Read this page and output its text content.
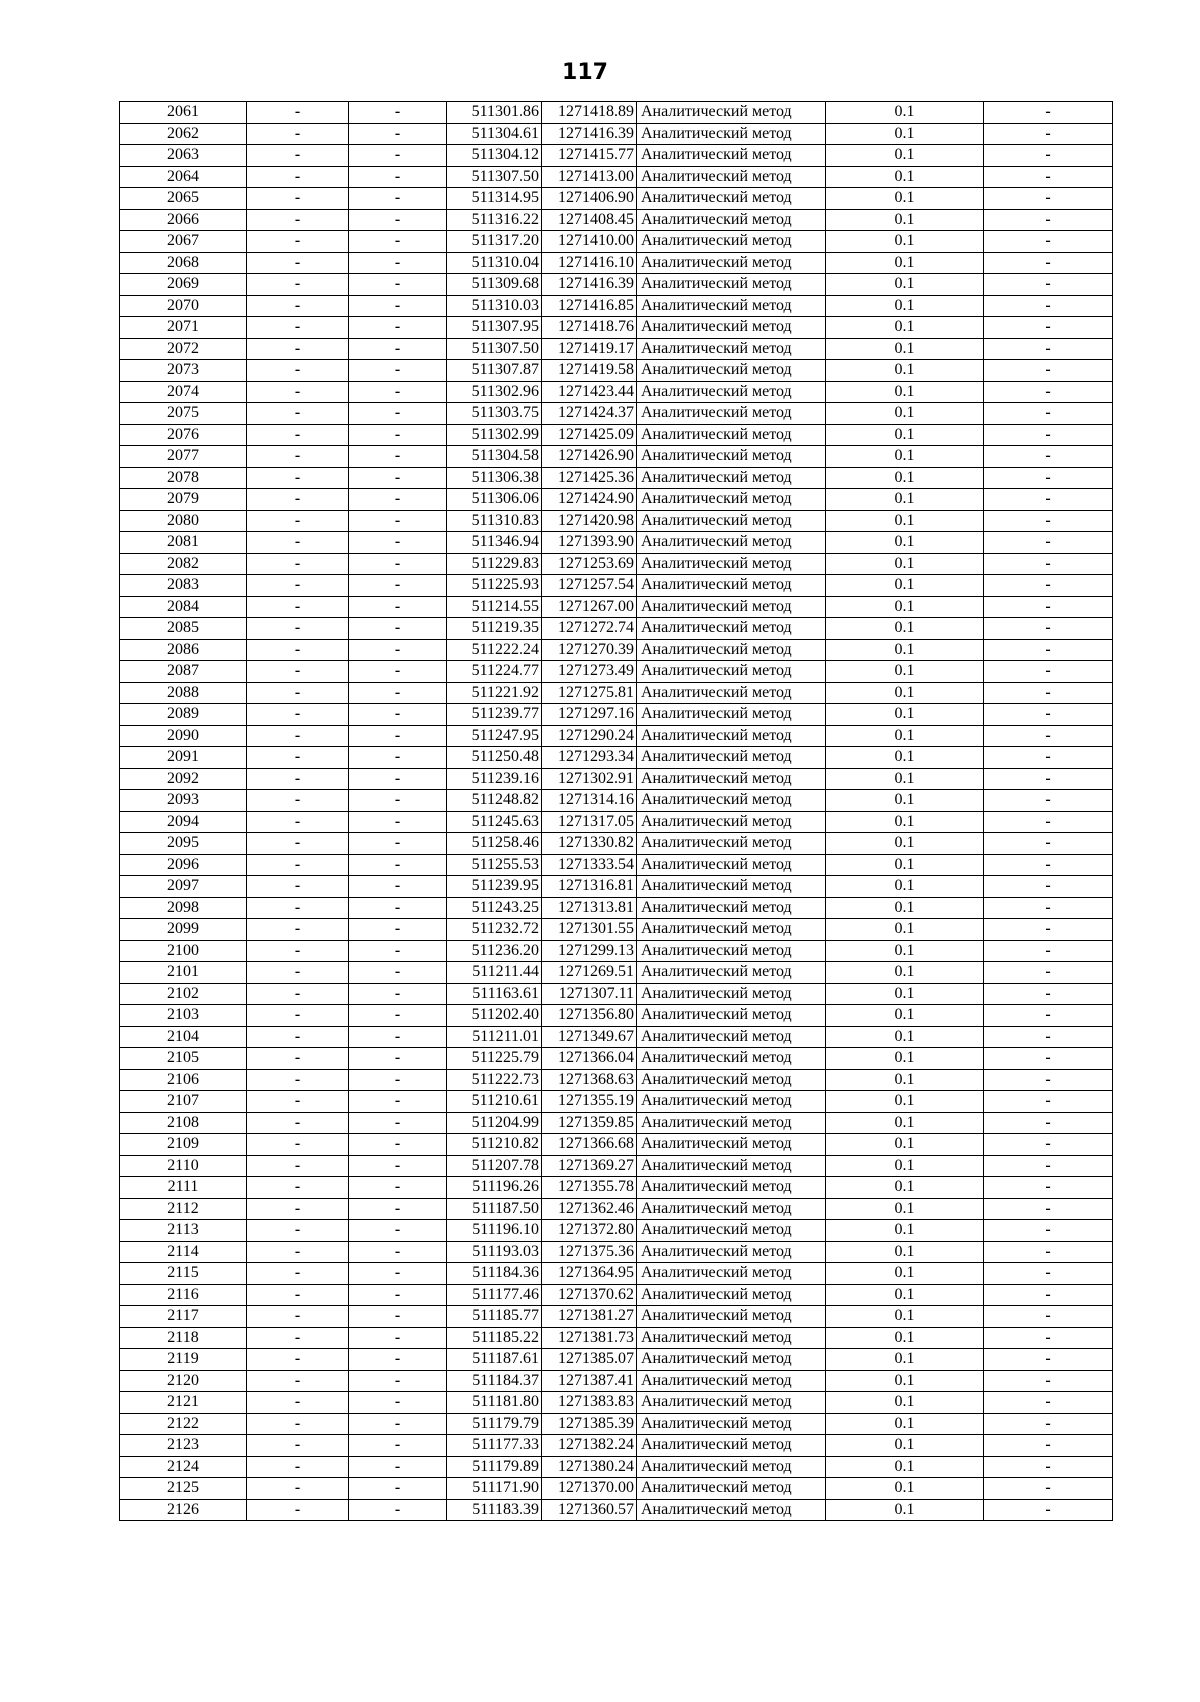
117
2061	-	-	511301.86	1271418.89	Аналитический метод	0.1	-
2062	-	-	511304.61	1271416.39	Аналитический метод	0.1	-
2063	-	-	511304.12	1271415.77	Аналитический метод	0.1	-
2064	-	-	511307.50	1271413.00	Аналитический метод	0.1	-
2065	-	-	511314.95	1271406.90	Аналитический метод	0.1	-
2066	-	-	511316.22	1271408.45	Аналитический метод	0.1	-
2067	-	-	511317.20	1271410.00	Аналитический метод	0.1	-
2068	-	-	511310.04	1271416.10	Аналитический метод	0.1	-
2069	-	-	511309.68	1271416.39	Аналитический метод	0.1	-
2070	-	-	511310.03	1271416.85	Аналитический метод	0.1	-
2071	-	-	511307.95	1271418.76	Аналитический метод	0.1	-
2072	-	-	511307.50	1271419.17	Аналитический метод	0.1	-
2073	-	-	511307.87	1271419.58	Аналитический метод	0.1	-
2074	-	-	511302.96	1271423.44	Аналитический метод	0.1	-
2075	-	-	511303.75	1271424.37	Аналитический метод	0.1	-
2076	-	-	511302.99	1271425.09	Аналитический метод	0.1	-
2077	-	-	511304.58	1271426.90	Аналитический метод	0.1	-
2078	-	-	511306.38	1271425.36	Аналитический метод	0.1	-
2079	-	-	511306.06	1271424.90	Аналитический метод	0.1	-
2080	-	-	511310.83	1271420.98	Аналитический метод	0.1	-
2081	-	-	511346.94	1271393.90	Аналитический метод	0.1	-
2082	-	-	511229.83	1271253.69	Аналитический метод	0.1	-
2083	-	-	511225.93	1271257.54	Аналитический метод	0.1	-
2084	-	-	511214.55	1271267.00	Аналитический метод	0.1	-
2085	-	-	511219.35	1271272.74	Аналитический метод	0.1	-
2086	-	-	511222.24	1271270.39	Аналитический метод	0.1	-
2087	-	-	511224.77	1271273.49	Аналитический метод	0.1	-
2088	-	-	511221.92	1271275.81	Аналитический метод	0.1	-
2089	-	-	511239.77	1271297.16	Аналитический метод	0.1	-
2090	-	-	511247.95	1271290.24	Аналитический метод	0.1	-
2091	-	-	511250.48	1271293.34	Аналитический метод	0.1	-
2092	-	-	511239.16	1271302.91	Аналитический метод	0.1	-
2093	-	-	511248.82	1271314.16	Аналитический метод	0.1	-
2094	-	-	511245.63	1271317.05	Аналитический метод	0.1	-
2095	-	-	511258.46	1271330.82	Аналитический метод	0.1	-
2096	-	-	511255.53	1271333.54	Аналитический метод	0.1	-
2097	-	-	511239.95	1271316.81	Аналитический метод	0.1	-
2098	-	-	511243.25	1271313.81	Аналитический метод	0.1	-
2099	-	-	511232.72	1271301.55	Аналитический метод	0.1	-
2100	-	-	511236.20	1271299.13	Аналитический метод	0.1	-
2101	-	-	511211.44	1271269.51	Аналитический метод	0.1	-
2102	-	-	511163.61	1271307.11	Аналитический метод	0.1	-
2103	-	-	511202.40	1271356.80	Аналитический метод	0.1	-
2104	-	-	511211.01	1271349.67	Аналитический метод	0.1	-
2105	-	-	511225.79	1271366.04	Аналитический метод	0.1	-
2106	-	-	511222.73	1271368.63	Аналитический метод	0.1	-
2107	-	-	511210.61	1271355.19	Аналитический метод	0.1	-
2108	-	-	511204.99	1271359.85	Аналитический метод	0.1	-
2109	-	-	511210.82	1271366.68	Аналитический метод	0.1	-
2110	-	-	511207.78	1271369.27	Аналитический метод	0.1	-
2111	-	-	511196.26	1271355.78	Аналитический метод	0.1	-
2112	-	-	511187.50	1271362.46	Аналитический метод	0.1	-
2113	-	-	511196.10	1271372.80	Аналитический метод	0.1	-
2114	-	-	511193.03	1271375.36	Аналитический метод	0.1	-
2115	-	-	511184.36	1271364.95	Аналитический метод	0.1	-
2116	-	-	511177.46	1271370.62	Аналитический метод	0.1	-
2117	-	-	511185.77	1271381.27	Аналитический метод	0.1	-
2118	-	-	511185.22	1271381.73	Аналитический метод	0.1	-
2119	-	-	511187.61	1271385.07	Аналитический метод	0.1	-
2120	-	-	511184.37	1271387.41	Аналитический метод	0.1	-
2121	-	-	511181.80	1271383.83	Аналитический метод	0.1	-
2122	-	-	511179.79	1271385.39	Аналитический метод	0.1	-
2123	-	-	511177.33	1271382.24	Аналитический метод	0.1	-
2124	-	-	511179.89	1271380.24	Аналитический метод	0.1	-
2125	-	-	511171.90	1271370.00	Аналитический метод	0.1	-
2126	-	-	511183.39	1271360.57	Аналитический метод	0.1	-
